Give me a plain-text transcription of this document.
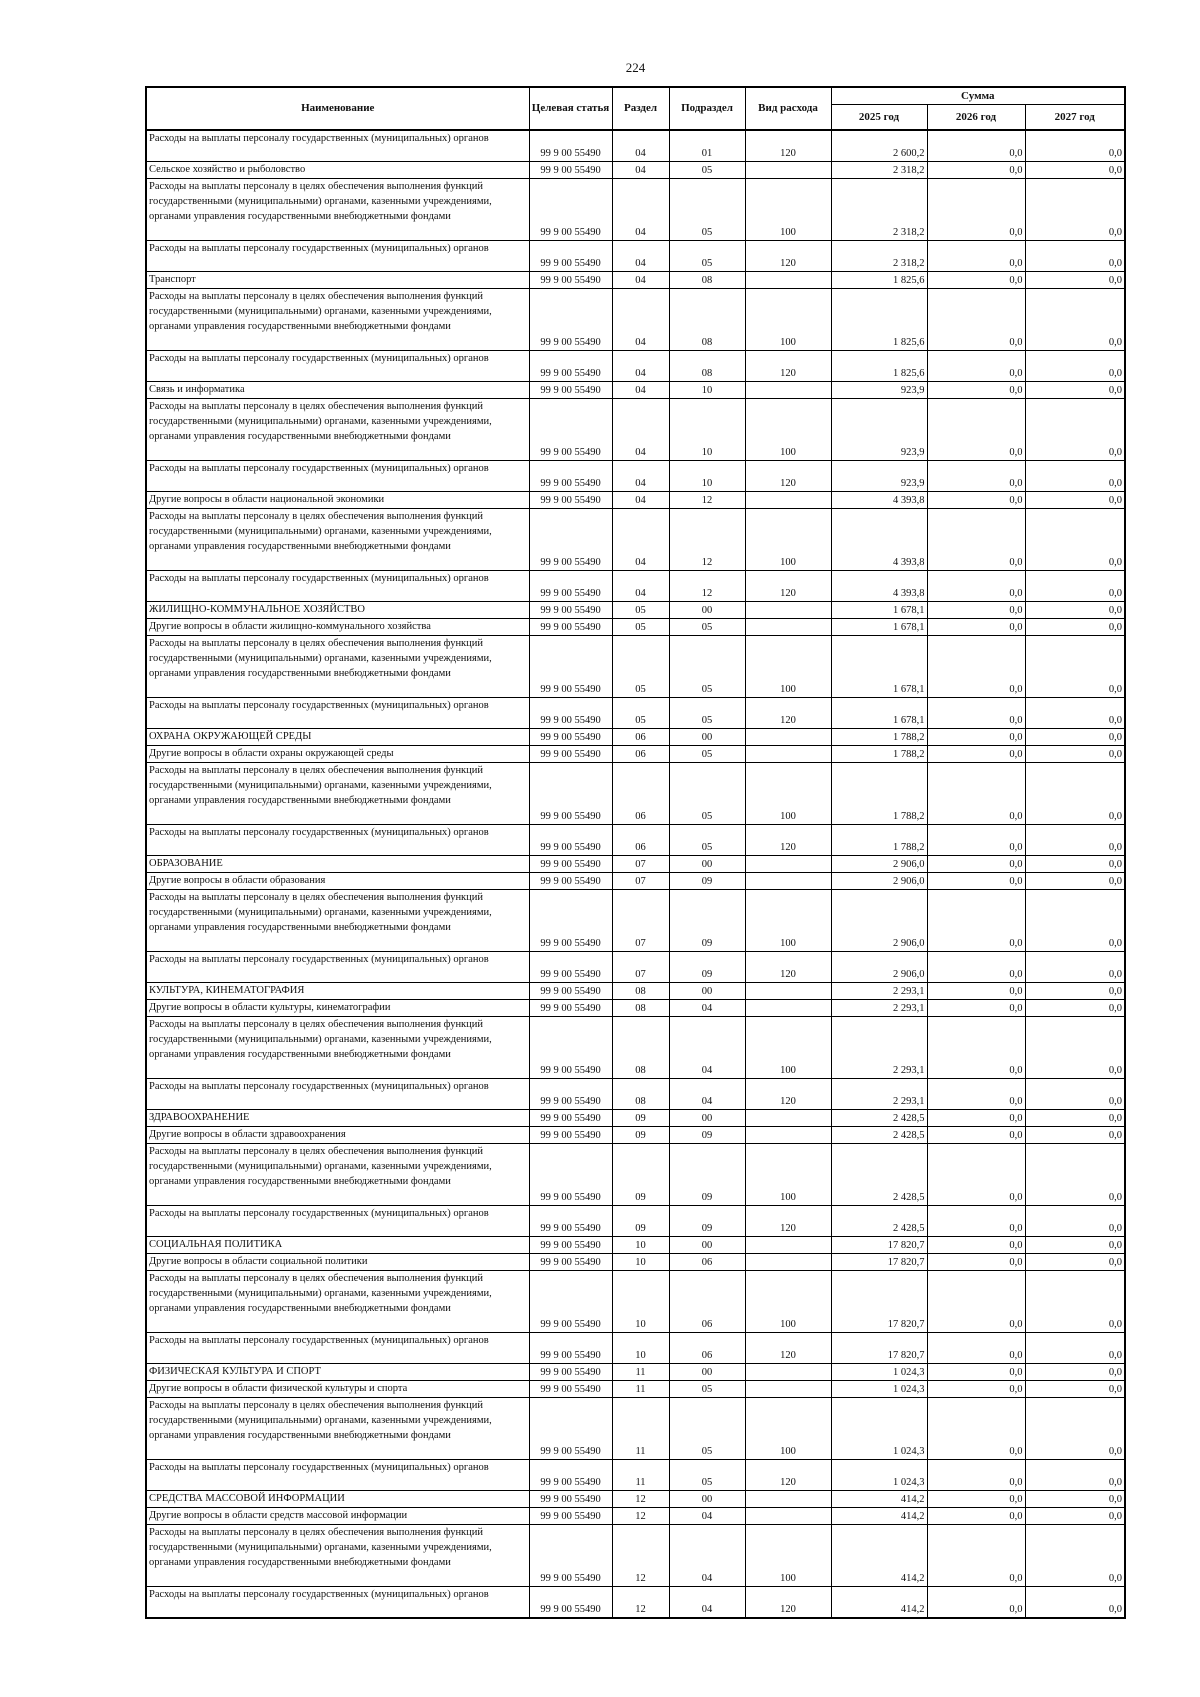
224
Наименование	Целевая статья	Раздел	Подраздел	Вид расхода	Сумма		
					2025 год	2026 год	2027 год
Расходы на выплаты персоналу государственных (муниципальных) органов	99 9 00 55490	04	01	120	2 600,2	0,0	0,0
Сельское хозяйство и рыболовство	99 9 00 55490	04	05		2 318,2	0,0	0,0
Расходы на выплаты персоналу в целях обеспечения выполнения функций государственными (муниципальными) органами, казенными учреждениями, органами управления государственными внебюджетными фондами	99 9 00 55490	04	05	100	2 318,2	0,0	0,0
Расходы на выплаты персоналу государственных (муниципальных) органов	99 9 00 55490	04	05	120	2 318,2	0,0	0,0
Транспорт	99 9 00 55490	04	08		1 825,6	0,0	0,0
Расходы на выплаты персоналу в целях обеспечения выполнения функций государственными (муниципальными) органами, казенными учреждениями, органами управления государственными внебюджетными фондами	99 9 00 55490	04	08	100	1 825,6	0,0	0,0
Расходы на выплаты персоналу государственных (муниципальных) органов	99 9 00 55490	04	08	120	1 825,6	0,0	0,0
Связь и информатика	99 9 00 55490	04	10		923,9	0,0	0,0
Расходы на выплаты персоналу в целях обеспечения выполнения функций государственными (муниципальными) органами, казенными учреждениями, органами управления государственными внебюджетными фондами	99 9 00 55490	04	10	100	923,9	0,0	0,0
Расходы на выплаты персоналу государственных (муниципальных) органов	99 9 00 55490	04	10	120	923,9	0,0	0,0
Другие вопросы в области национальной экономики	99 9 00 55490	04	12		4 393,8	0,0	0,0
Расходы на выплаты персоналу в целях обеспечения выполнения функций государственными (муниципальными) органами, казенными учреждениями, органами управления государственными внебюджетными фондами	99 9 00 55490	04	12	100	4 393,8	0,0	0,0
Расходы на выплаты персоналу государственных (муниципальных) органов	99 9 00 55490	04	12	120	4 393,8	0,0	0,0
ЖИЛИЩНО-КОММУНАЛЬНОЕ ХОЗЯЙСТВО	99 9 00 55490	05	00		1 678,1	0,0	0,0
Другие вопросы в области жилищно-коммунального хозяйства	99 9 00 55490	05	05		1 678,1	0,0	0,0
Расходы на выплаты персоналу в целях обеспечения выполнения функций государственными (муниципальными) органами, казенными учреждениями, органами управления государственными внебюджетными фондами	99 9 00 55490	05	05	100	1 678,1	0,0	0,0
Расходы на выплаты персоналу государственных (муниципальных) органов	99 9 00 55490	05	05	120	1 678,1	0,0	0,0
ОХРАНА ОКРУЖАЮЩЕЙ СРЕДЫ	99 9 00 55490	06	00		1 788,2	0,0	0,0
Другие вопросы в области охраны окружающей среды	99 9 00 55490	06	05		1 788,2	0,0	0,0
Расходы на выплаты персоналу в целях обеспечения выполнения функций государственными (муниципальными) органами, казенными учреждениями, органами управления государственными внебюджетными фондами	99 9 00 55490	06	05	100	1 788,2	0,0	0,0
Расходы на выплаты персоналу государственных (муниципальных) органов	99 9 00 55490	06	05	120	1 788,2	0,0	0,0
ОБРАЗОВАНИЕ	99 9 00 55490	07	00		2 906,0	0,0	0,0
Другие вопросы в области образования	99 9 00 55490	07	09		2 906,0	0,0	0,0
Расходы на выплаты персоналу в целях обеспечения выполнения функций государственными (муниципальными) органами, казенными учреждениями, органами управления государственными внебюджетными фондами	99 9 00 55490	07	09	100	2 906,0	0,0	0,0
Расходы на выплаты персоналу государственных (муниципальных) органов	99 9 00 55490	07	09	120	2 906,0	0,0	0,0
КУЛЬТУРА, КИНЕМАТОГРАФИЯ	99 9 00 55490	08	00		2 293,1	0,0	0,0
Другие вопросы в области культуры, кинематографии	99 9 00 55490	08	04		2 293,1	0,0	0,0
Расходы на выплаты персоналу в целях обеспечения выполнения функций государственными (муниципальными) органами, казенными учреждениями, органами управления государственными внебюджетными фондами	99 9 00 55490	08	04	100	2 293,1	0,0	0,0
Расходы на выплаты персоналу государственных (муниципальных) органов	99 9 00 55490	08	04	120	2 293,1	0,0	0,0
ЗДРАВООХРАНЕНИЕ	99 9 00 55490	09	00		2 428,5	0,0	0,0
Другие вопросы в области здравоохранения	99 9 00 55490	09	09		2 428,5	0,0	0,0
Расходы на выплаты персоналу в целях обеспечения выполнения функций государственными (муниципальными) органами, казенными учреждениями, органами управления государственными внебюджетными фондами	99 9 00 55490	09	09	100	2 428,5	0,0	0,0
Расходы на выплаты персоналу государственных (муниципальных) органов	99 9 00 55490	09	09	120	2 428,5	0,0	0,0
СОЦИАЛЬНАЯ ПОЛИТИКА	99 9 00 55490	10	00		17 820,7	0,0	0,0
Другие вопросы в области социальной политики	99 9 00 55490	10	06		17 820,7	0,0	0,0
Расходы на выплаты персоналу в целях обеспечения выполнения функций государственными (муниципальными) органами, казенными учреждениями, органами управления государственными внебюджетными фондами	99 9 00 55490	10	06	100	17 820,7	0,0	0,0
Расходы на выплаты персоналу государственных (муниципальных) органов	99 9 00 55490	10	06	120	17 820,7	0,0	0,0
ФИЗИЧЕСКАЯ КУЛЬТУРА И СПОРТ	99 9 00 55490	11	00		1 024,3	0,0	0,0
Другие вопросы в области физической культуры и спорта	99 9 00 55490	11	05		1 024,3	0,0	0,0
Расходы на выплаты персоналу в целях обеспечения выполнения функций государственными (муниципальными) органами, казенными учреждениями, органами управления государственными внебюджетными фондами	99 9 00 55490	11	05	100	1 024,3	0,0	0,0
Расходы на выплаты персоналу государственных (муниципальных) органов	99 9 00 55490	11	05	120	1 024,3	0,0	0,0
СРЕДСТВА МАССОВОЙ ИНФОРМАЦИИ	99 9 00 55490	12	00		414,2	0,0	0,0
Другие вопросы в области средств массовой информации	99 9 00 55490	12	04		414,2	0,0	0,0
Расходы на выплаты персоналу в целях обеспечения выполнения функций государственными (муниципальными) органами, казенными учреждениями, органами управления государственными внебюджетными фондами	99 9 00 55490	12	04	100	414,2	0,0	0,0
Расходы на выплаты персоналу государственных (муниципальных) органов	99 9 00 55490	12	04	120	414,2	0,0	0,0
